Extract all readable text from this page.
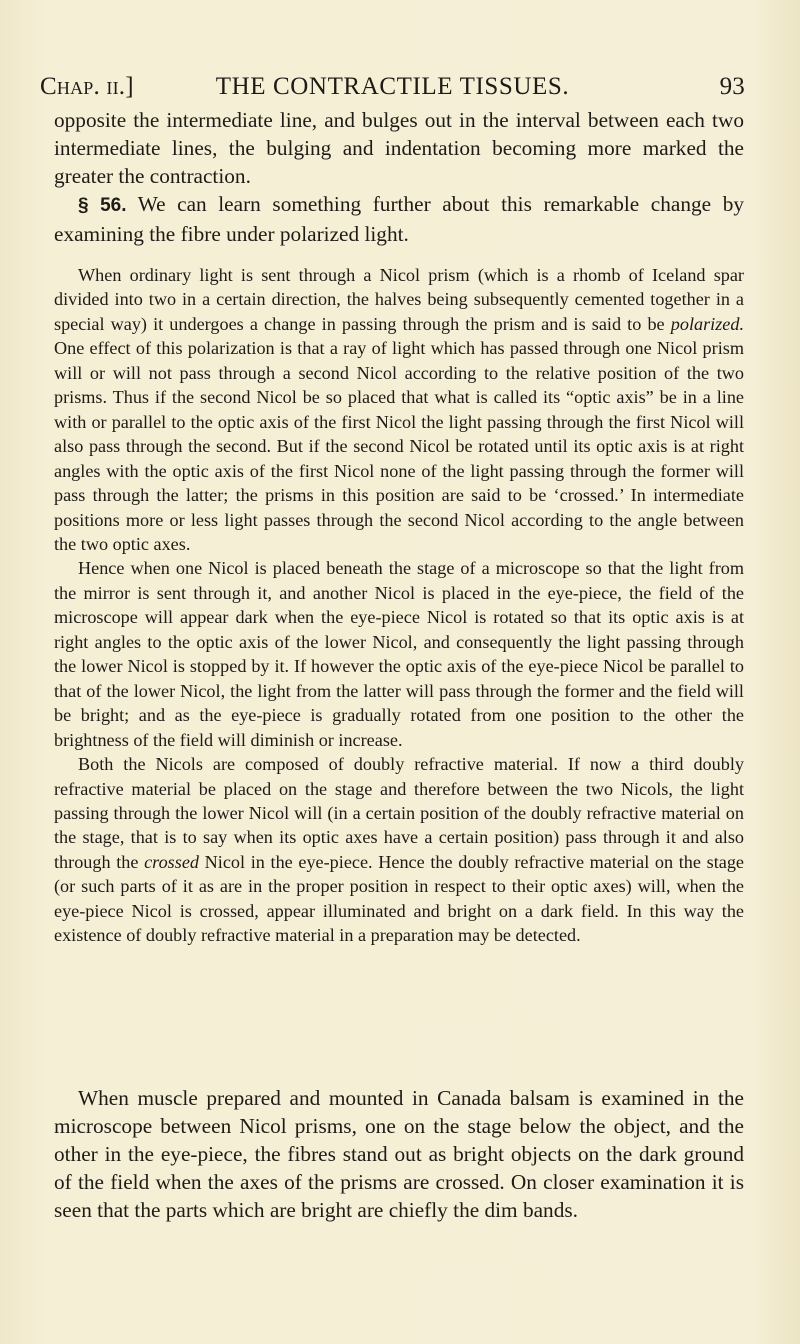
Chap. ii.]	THE CONTRACTILE TISSUES.	93

opposite the intermediate line, and bulges out in the interval between each two intermediate lines, the bulging and indentation becoming more marked the greater the contraction.

§ 56. We can learn something further about this remarkable change by examining the fibre under polarized light.

When ordinary light is sent through a Nicol prism (which is a rhomb of Iceland spar divided into two in a certain direction, the halves being subsequently cemented together in a special way) it undergoes a change in passing through the prism and is said to be polarized. One effect of this polarization is that a ray of light which has passed through one Nicol prism will or will not pass through a second Nicol according to the relative position of the two prisms. Thus if the second Nicol be so placed that what is called its “optic axis” be in a line with or parallel to the optic axis of the first Nicol the light passing through the first Nicol will also pass through the second. But if the second Nicol be rotated until its optic axis is at right angles with the optic axis of the first Nicol none of the light passing through the former will pass through the latter; the prisms in this position are said to be ‘crossed.’ In intermediate positions more or less light passes through the second Nicol according to the angle between the two optic axes.

Hence when one Nicol is placed beneath the stage of a microscope so that the light from the mirror is sent through it, and another Nicol is placed in the eye-piece, the field of the microscope will appear dark when the eye-piece Nicol is rotated so that its optic axis is at right angles to the optic axis of the lower Nicol, and consequently the light passing through the lower Nicol is stopped by it. If however the optic axis of the eye-piece Nicol be parallel to that of the lower Nicol, the light from the latter will pass through the former and the field will be bright; and as the eye-piece is gradually rotated from one position to the other the brightness of the field will diminish or increase.

Both the Nicols are composed of doubly refractive material. If now a third doubly refractive material be placed on the stage and therefore between the two Nicols, the light passing through the lower Nicol will (in a certain position of the doubly refractive material on the stage, that is to say when its optic axes have a certain position) pass through it and also through the crossed Nicol in the eye-piece. Hence the doubly refractive material on the stage (or such parts of it as are in the proper position in respect to their optic axes) will, when the eye-piece Nicol is crossed, appear illuminated and bright on a dark field. In this way the existence of doubly refractive material in a preparation may be detected.

When muscle prepared and mounted in Canada balsam is examined in the microscope between Nicol prisms, one on the stage below the object, and the other in the eye-piece, the fibres stand out as bright objects on the dark ground of the field when the axes of the prisms are crossed. On closer examination it is seen that the parts which are bright are chiefly the dim bands.
